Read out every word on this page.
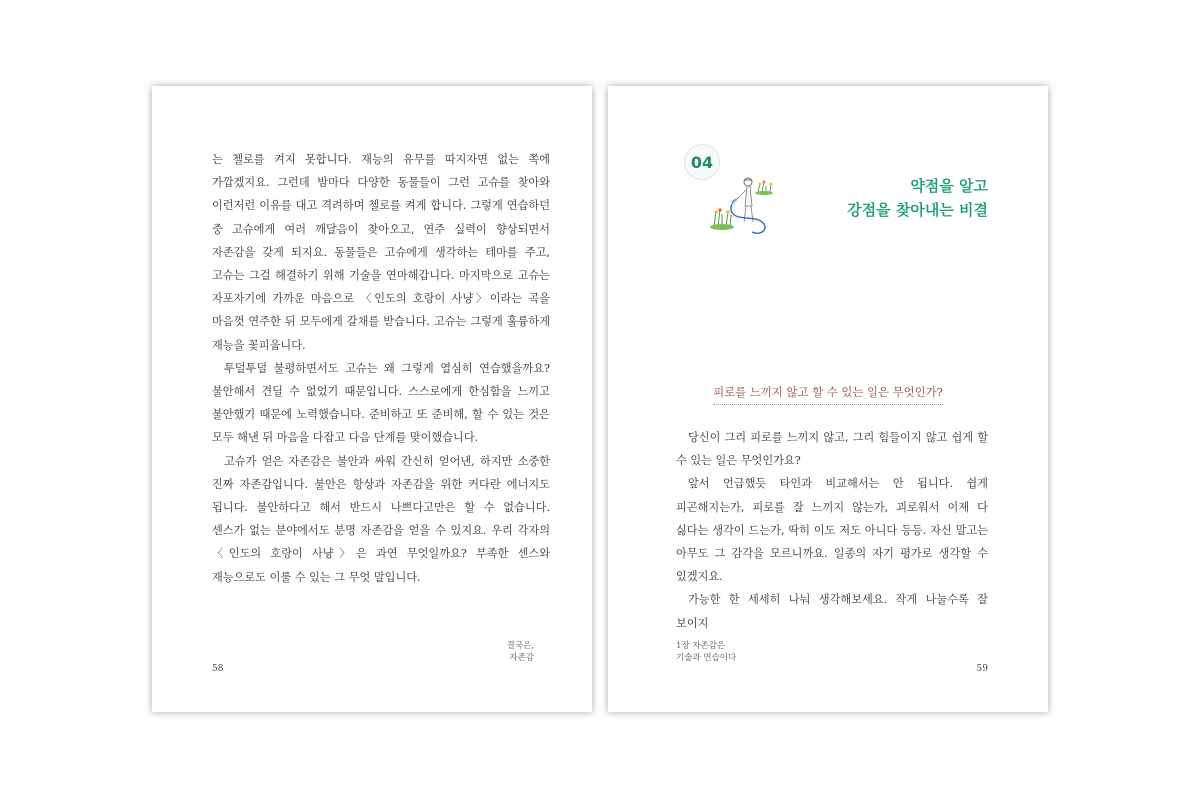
는 첼로를 켜지 못합니다. 재능의 유무를 따지자면 없는 쪽에 가깝겠지요. 그런데 밤마다 다양한 동물들이 그런 고슈를 찾아와 이런저런 이유를 대고 격려하며 첼로를 켜게 합니다. 그렇게 연습하던 중 고슈에게 여러 깨달음이 찾아오고, 연주 실력이 향상되면서 자존감을 갖게 되지요. 동물들은 고슈에게 생각하는 테마를 주고, 고슈는 그걸 해결하기 위해 기술을 연마해갑니다. 마지막으로 고슈는 자포자기에 가까운 마음으로 〈인도의 호랑이 사냥〉이라는 곡을 마음껏 연주한 뒤 모두에게 갈채를 받습니다. 고슈는 그렇게 훌륭하게 재능을 꽃피웁니다.

투덜투덜 불평하면서도 고슈는 왜 그렇게 열심히 연습했을까요? 불안해서 견딜 수 없었기 때문입니다. 스스로에게 한심함을 느끼고 불안했기 때문에 노력했습니다. 준비하고 또 준비해, 할 수 있는 것은 모두 해낸 뒤 마음을 다잡고 다음 단계를 맞이했습니다.

고슈가 얻은 자존감은 불안과 싸워 간신히 얻어낸, 하지만 소중한 진짜 자존감입니다. 불안은 항상과 자존감을 위한 커다란 에너지도 됩니다. 불안하다고 해서 반드시 나쁘다고만은 할 수 없습니다. 센스가 없는 분야에서도 분명 자존감을 얻을 수 있지요. 우리 각자의 〈인도의 호랑이 사냥〉은 과연 무엇일까요? 부족한 센스와 재능으로도 이룰 수 있는 그 무엇 말입니다.

결국은,
자존감
58
04
약점을 알고
강점을 찾아내는 비결
피로를 느끼지 않고 할 수 있는 일은 무엇인가?

당신이 그리 피로를 느끼지 않고, 그리 힘들이지 않고 쉽게 할 수 있는 일은 무엇인가요?

앞서 언급했듯 타인과 비교해서는 안 됩니다. 쉽게 피곤해지는가, 피로를 잘 느끼지 않는가, 괴로워서 이제 다 싫다는 생각이 드는가, 딱히 이도 저도 아니다 등등. 자신 말고는 아무도 그 감각을 모르니까요. 일종의 자기 평가로 생각할 수 있겠지요.

가능한 한 세세히 나눠 생각해보세요. 작게 나눌수록 잘 보이지

1장 자존감은
기술과 연습이다
59
